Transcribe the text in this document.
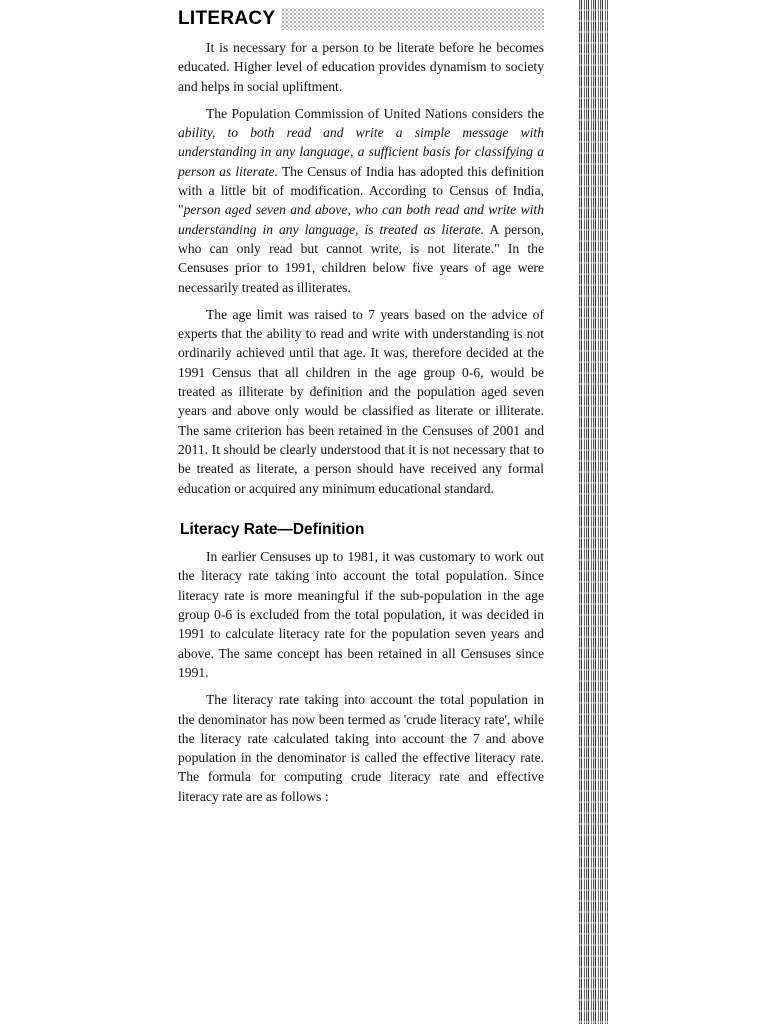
LITERACY

It is necessary for a person to be literate before he becomes educated. Higher level of education provides dynamism to society and helps in social upliftment.

The Population Commission of United Nations considers the ability, to both read and write a simple message with understanding in any language, a sufficient basis for classifying a person as literate. The Census of India has adopted this definition with a little bit of modification. According to Census of India, "person aged seven and above, who can both read and write with understanding in any language, is treated as literate. A person, who can only read but cannot write, is not literate." In the Censuses prior to 1991, children below five years of age were necessarily treated as illiterates.

The age limit was raised to 7 years based on the advice of experts that the ability to read and write with understanding is not ordinarily achieved until that age. It was, therefore decided at the 1991 Census that all children in the age group 0-6, would be treated as illiterate by definition and the population aged seven years and above only would be classified as literate or illiterate. The same criterion has been retained in the Censuses of 2001 and 2011. It should be clearly understood that it is not necessary that to be treated as literate, a person should have received any formal education or acquired any minimum educational standard.

Literacy Rate—Definition

In earlier Censuses up to 1981, it was customary to work out the literacy rate taking into account the total population. Since literacy rate is more meaningful if the sub-population in the age group 0-6 is excluded from the total population, it was decided in 1991 to calculate literacy rate for the population seven years and above. The same concept has been retained in all Censuses since 1991.

The literacy rate taking into account the total population in the denominator has now been termed as 'crude literacy rate', while the literacy rate calculated taking into account the 7 and above population in the denominator is called the effective literacy rate. The formula for computing crude literacy rate and effective literacy rate are as follows :
